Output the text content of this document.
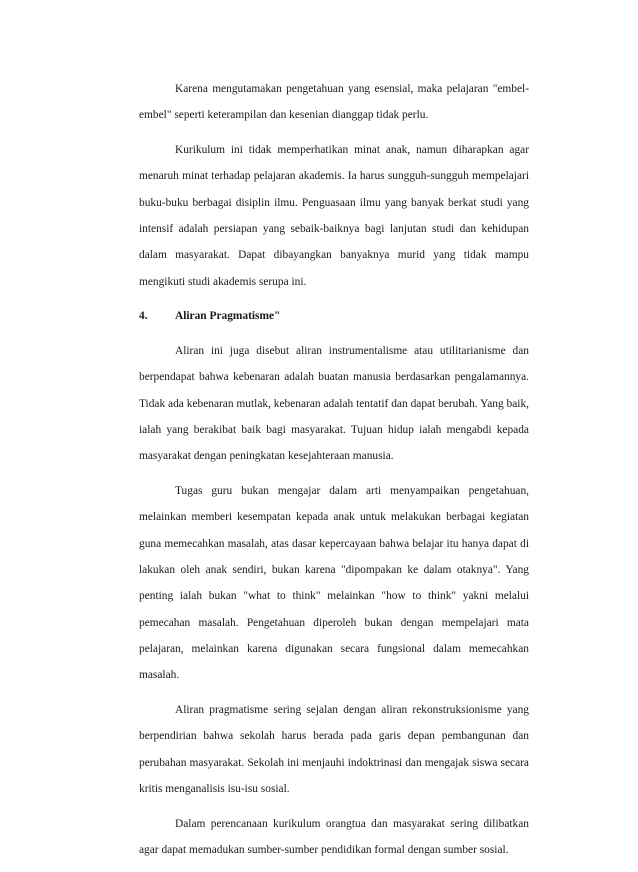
Karena mengutamakan pengetahuan yang esensial, maka pelajaran "embel-embel" seperti keterampilan dan kesenian dianggap tidak perlu.

Kurikulum ini tidak memperhatikan minat anak, namun diharapkan agar menaruh minat terhadap pelajaran akademis. Ia harus sungguh-sungguh mempelajari buku-buku berbagai disiplin ilmu. Penguasaan ilmu yang banyak berkat studi yang intensif adalah persiapan yang sebaik-baiknya bagi lanjutan studi dan kehidupan dalam masyarakat. Dapat dibayangkan banyaknya murid yang tidak mampu mengikuti studi akademis serupa ini.

4.	Aliran Pragmatisme"

Aliran ini juga disebut aliran instrumentalisme atau utilitarianisme dan berpendapat bahwa kebenaran adalah buatan manusia berdasarkan pengalamannya. Tidak ada kebenaran mutlak, kebenaran adalah tentatif dan dapat berubah. Yang baik, ialah yang berakibat baik bagi masyarakat. Tujuan hidup ialah mengabdi kepada masyarakat dengan peningkatan kesejahteraan manusia.

Tugas guru bukan mengajar dalam arti menyampaikan pengetahuan, melainkan memberi kesempatan kepada anak untuk melakukan berbagai kegiatan guna memecahkan masalah, atas dasar kepercayaan bahwa belajar itu hanya dapat di lakukan oleh anak sendiri, bukan karena "dipompakan ke dalam otaknya". Yang penting ialah bukan "what to think" melainkan "how to think" yakni melalui pemecahan masalah. Pengetahuan diperoleh bukan dengan mempelajari mata pelajaran, melainkan karena digunakan secara fungsional dalam memecahkan masalah.

Aliran pragmatisme sering sejalan dengan aliran rekonstruksionisme yang berpendirian bahwa sekolah harus berada pada garis depan pembangunan dan perubahan masyarakat. Sekolah ini menjauhi indoktrinasi dan mengajak siswa secara kritis menganalisis isu-isu sosial.

Dalam perencanaan kurikulum orangtua dan masyarakat sering dilibatkan agar dapat memadukan sumber-sumber pendidikan formal dengan sumber sosial.
